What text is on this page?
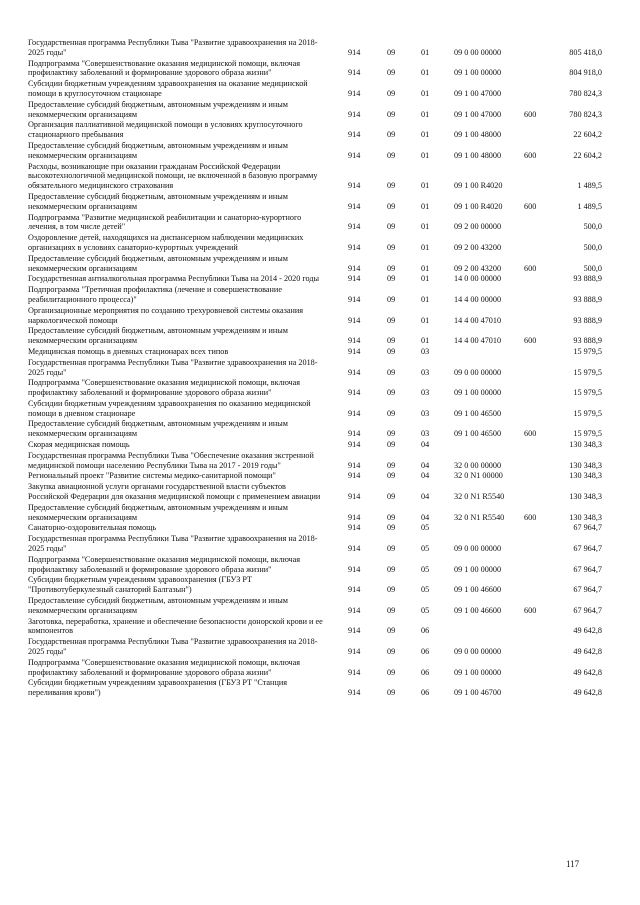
Государственная программа Республики Тыва "Развитие здравоохранения на 2018-2025 годы"	914	09	01	09 0 00 00000	805 418,0
Подпрограмма "Совершенствование оказания медицинской помощи, включая профилактику заболеваний и формирование здорового образа жизни"	914	09	01	09 1 00 00000	804 918,0
Субсидии бюджетным учреждениям здравоохранения на оказание медицинской помощи в круглосуточном стационаре	914	09	01	09 1 00 47000	780 824,3
Предоставление субсидий бюджетным, автономным учреждениям и иным некоммерческим организациям	914	09	01	09 1 00 47000	600	780 824,3
Организация паллиативной медицинской помощи в условиях круглосуточного стационарного пребывания	914	09	01	09 1 00 48000	22 604,2
Предоставление субсидий бюджетным, автономным учреждениям и иным некоммерческим организациям	914	09	01	09 1 00 48000	600	22 604,2
Расходы, возникающие при оказании гражданам Российской Федерации высокотехнологичной медицинской помощи, не включенной в базовую программу обязательного медицинского страхования	914	09	01	09 1 00 R4020	1 489,5
Предоставление субсидий бюджетным, автономным учреждениям и иным некоммерческим организациям	914	09	01	09 1 00 R4020	600	1 489,5
Подпрограмма "Развитие медицинской реабилитации и санаторно-курортного лечения, в том числе детей"	914	09	01	09 2 00 00000	500,0
Оздоровление детей, находящихся на диспансерном наблюдении медицинских организациях в условиях санаторно-курортных учреждений	914	09	01	09 2 00 43200	500,0
Предоставление субсидий бюджетным, автономным учреждениям и иным некоммерческим организациям	914	09	01	09 2 00 43200	600	500,0
Государственная антиалкогольная программа Республики Тыва на 2014 - 2020 годы	914	09	01	14 0 00 00000	93 888,9
Подпрограмма "Третичная профилактика (лечение и совершенствование реабилитационного процесса)"	914	09	01	14 4 00 00000	93 888,9
Организационные мероприятия по созданию трехуровневой системы оказания наркологической помощи	914	09	01	14 4 00 47010	93 888,9
Предоставление субсидий бюджетным, автономным учреждениям и иным некоммерческим организациям	914	09	01	14 4 00 47010	600	93 888,9
Медицинская помощь в дневных стационарах всех типов	914	09	03	15 979,5
Государственная программа Республики Тыва "Развитие здравоохранения на 2018-2025 годы"	914	09	03	09 0 00 00000	15 979,5
Подпрограмма "Совершенствование оказания медицинской помощи, включая профилактику заболеваний и формирование здорового образа жизни"	914	09	03	09 1 00 00000	15 979,5
Субсидии бюджетным учреждениям здравоохранения по оказанию медицинской помощи в дневном стационаре	914	09	03	09 1 00 46500	15 979,5
Предоставление субсидий бюджетным, автономным учреждениям и иным некоммерческим организациям	914	09	03	09 1 00 46500	600	15 979,5
Скорая медицинская помощь	914	09	04	130 348,3
Государственная программа Республики Тыва "Обеспечение оказания экстренной медицинской помощи населению Республики Тыва на 2017 - 2019 годы"	914	09	04	32 0 00 00000	130 348,3
Региональный проект "Развитие системы медико-санитарной помощи"	914	09	04	32 0 N1 00000	130 348,3
Закупка авиационной услуги органами государственной власти субъектов Российской Федерации для оказания медицинской помощи с применением авиации	914	09	04	32 0 N1 R5540	130 348,3
Предоставление субсидий бюджетным, автономным учреждениям и иным некоммерческим организациям	914	09	04	32 0 N1 R5540 600	130 348,3
Санаторно-оздоровительная помощь	914	09	05	67 964,7
Государственная программа Республики Тыва "Развитие здравоохранения на 2018-2025 годы"	914	09	05	09 0 00 00000	67 964,7
Подпрограмма "Совершенствование оказания медицинской помощи, включая профилактику заболеваний и формирование здорового образа жизни"	914	09	05	09 1 00 00000	67 964,7
Субсидии бюджетным учреждениям здравоохранения (ГБУЗ РТ "Противотуберкулезный санаторий Балгазын")	914	09	05	09 1 00 46600	67 964,7
Предоставление субсидий бюджетным, автономным учреждениям и иным некоммерческим организациям	914	09	05	09 1 00 46600	600	67 964,7
Заготовка, переработка, хранение и обеспечение безопасности донорской крови и ее компонентов	914	09	06	49 642,8
Государственная программа Республики Тыва "Развитие здравоохранения на 2018-2025 годы"	914	09	06	09 0 00 00000	49 642,8
Подпрограмма "Совершенствование оказания медицинской помощи, включая профилактику заболеваний и формирование здорового образа жизни"	914	09	06	09 1 00 00000	49 642,8
Субсидии бюджетным учреждениям здравоохранения (ГБУЗ РТ "Станция переливания крови")	914	09	06	09 1 00 46700	49 642,8
117
